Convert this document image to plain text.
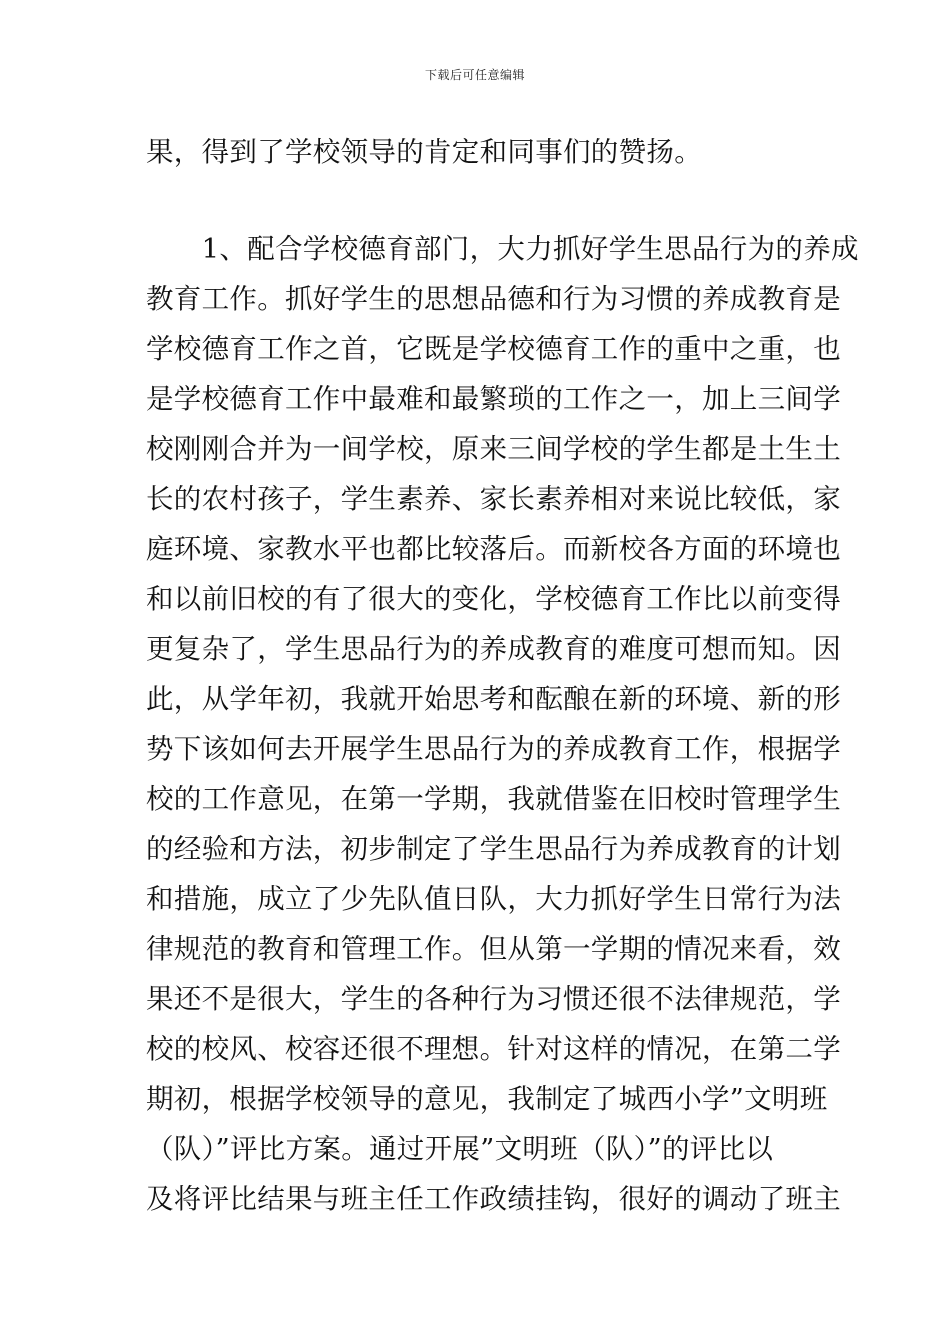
下载后可任意编辑
果，得到了学校领导的肯定和同事们的赞扬。
　　1、配合学校德育部门，大力抓好学生思品行为的养成
教育工作。抓好学生的思想品德和行为习惯的养成教育是
学校德育工作之首，它既是学校德育工作的重中之重，也
是学校德育工作中最难和最繁琐的工作之一，加上三间学
校刚刚合并为一间学校，原来三间学校的学生都是土生土
长的农村孩子，学生素养、家长素养相对来说比较低，家
庭环境、家教水平也都比较落后。而新校各方面的环境也
和以前旧校的有了很大的变化，学校德育工作比以前变得
更复杂了，学生思品行为的养成教育的难度可想而知。因
此，从学年初，我就开始思考和酝酿在新的环境、新的形
势下该如何去开展学生思品行为的养成教育工作，根据学
校的工作意见，在第一学期，我就借鉴在旧校时管理学生
的经验和方法，初步制定了学生思品行为养成教育的计划
和措施，成立了少先队值日队，大力抓好学生日常行为法
律规范的教育和管理工作。但从第一学期的情况来看，效
果还不是很大，学生的各种行为习惯还很不法律规范，学
校的校风、校容还很不理想。针对这样的情况，在第二学
期初，根据学校领导的意见，我制定了城西小学”文明班
（队）”评比方案。通过开展”文明班（队）”的评比以
及将评比结果与班主任工作政绩挂钩，很好的调动了班主
